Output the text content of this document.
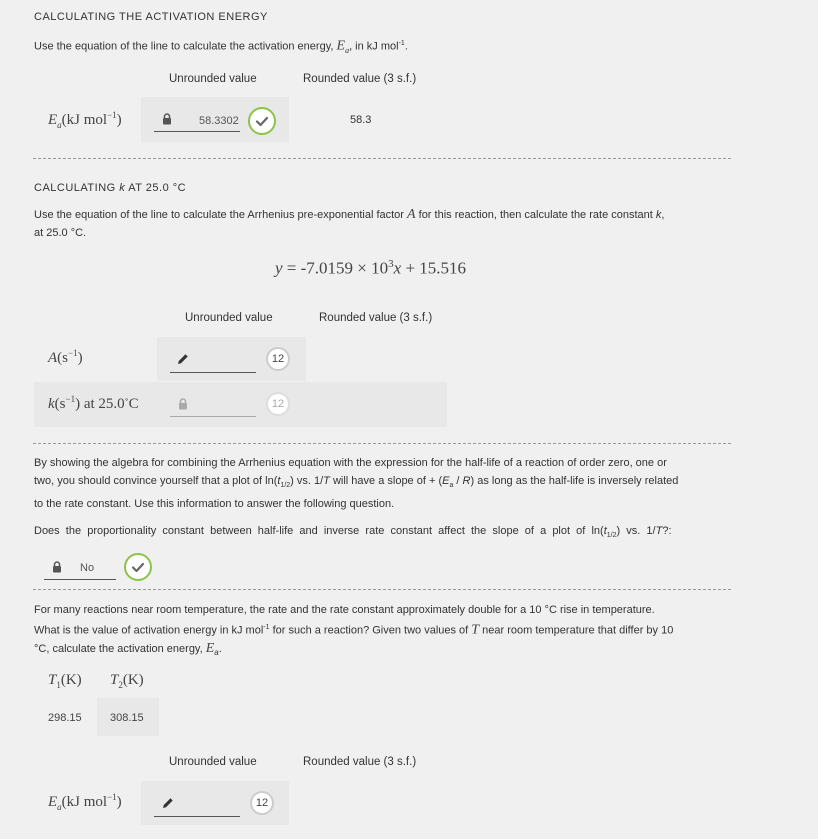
CALCULATING THE ACTIVATION ENERGY
Use the equation of the line to calculate the activation energy, $E_a$, in kJ mol$^{-1}$.
Unrounded value	Rounded value (3 s.f.)
$E_a(kJ$ mol$^{-1}$)	58.3302	58.3
CALCULATING k AT 25.0 °C
Use the equation of the line to calculate the Arrhenius pre-exponential factor A for this reaction, then calculate the rate constant k,
at 25.0 °C.
$y = -7.0159 \times 10^3x + 15.516$
Unrounded value	Rounded value (3 s.f.)
$A(s^{-1})$	12
$k(s^{-1})$ at 25.0∘C	12
By showing the algebra for combining the Arrhenius equation with the expression for the half-life of a reaction of order zero, one or
two, you should convince yourself that a plot of $\ln(t_{1/2})$ vs. 1/T will have a slope of + $(E_a / R)$ as long as the half-life is inversely related
to the rate constant. Use this information to answer the following question.
Does  the  proportionality  constant  between  half-life  and  inverse  rate  constant  affect  the  slope  of  a  plot  of  $\ln(t_{1/2})$  vs.  1/T?:
No
For many reactions near room temperature, the rate and the rate constant approximately double for a 10 °C rise in temperature.
What is the value of activation energy in kJ mol$^{-1}$ for such a reaction? Given two values of T near room temperature that differ by 10
°C, calculate the activation energy, $E_a$.
$T_1(K)$ $T_2(K)$
298.15	308.15
Unrounded value	Rounded value (3 s.f.)
$E_a(kJ$ mol$^{-1}$)	12
